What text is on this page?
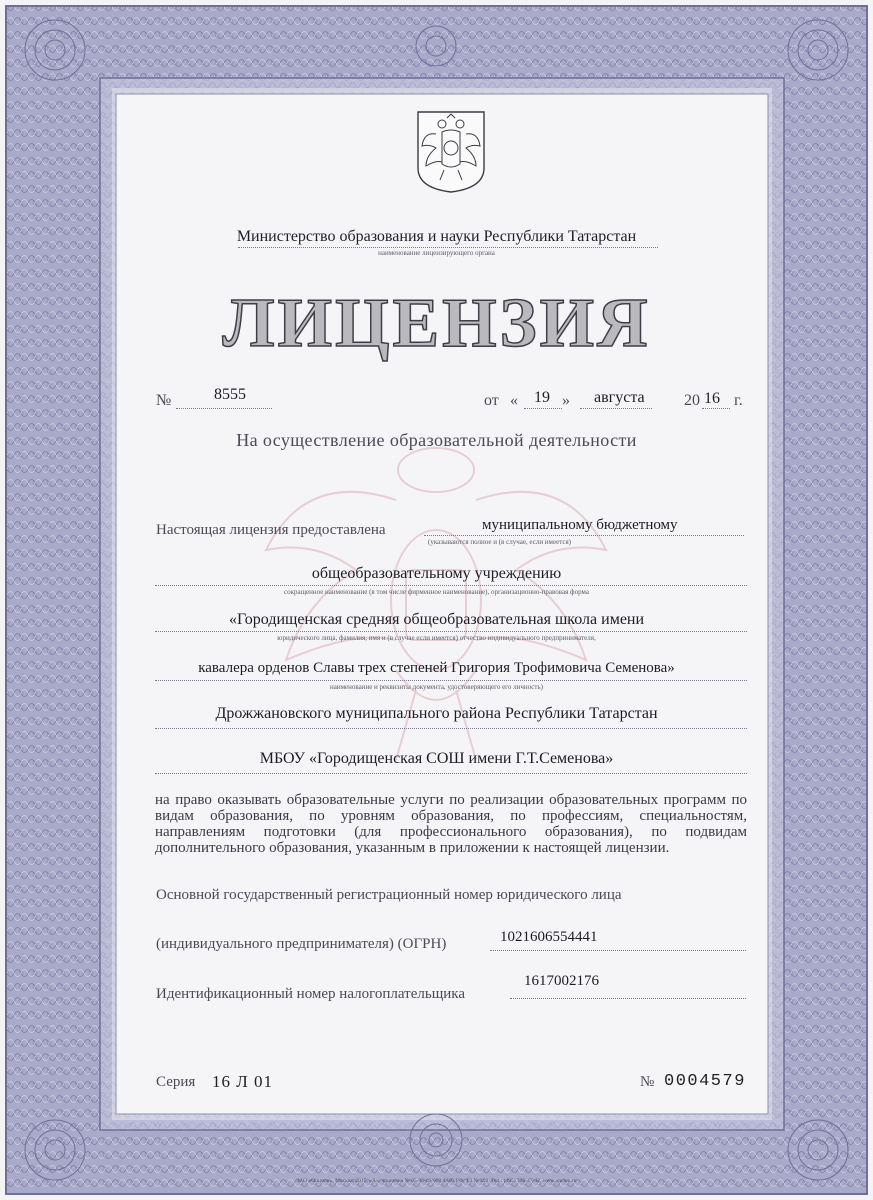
Министерство образования и науки Республики Татарстан
наименование лицензирующего органа
ЛИЦЕНЗИЯ
№	8555	от « 19 » августа 20 16 г.
На осуществление образовательной деятельности
Настоящая лицензия предоставлена	муниципальному бюджетному
(указываются полное и (в случае, если имеется)
общеобразовательному учреждению
сокращенное наименование (в том числе фирменное наименование), организационно-правовая форма
«Городищенская средняя общеобразовательная школа имени
юридического лица, фамилия, имя и (в случае если имеется) отчество индивидуального предпринимателя,
кавалера орденов Славы трех степеней Григория Трофимовича Семенова»
наименование и реквизиты документа, удостоверяющего его личность)
Дрожжановского муниципального района Республики Татарстан
МБОУ «Городищенская СОШ имени Г.Т.Семенова»
на право оказывать образовательные услуги по реализации образовательных программ по видам образования, по уровням образования, по профессиям, специальностям, направлениям подготовки (для профессионального образования), по подвидам дополнительного образования, указанным в приложении к настоящей лицензии.
Основной государственный регистрационный номер юридического лица
(индивидуального предпринимателя) (ОГРН)	1021606554441
Идентификационный номер налогоплательщика
1617002176
Серия 16 Л 01	№ 0004579
ЗАО «Опцион», Москва, 2015, «А», лицензия № 05-05-09/003 ФНС РФ, ТЗ № 399. Тел.: (495) 726-47-42, www.opcion.ru
